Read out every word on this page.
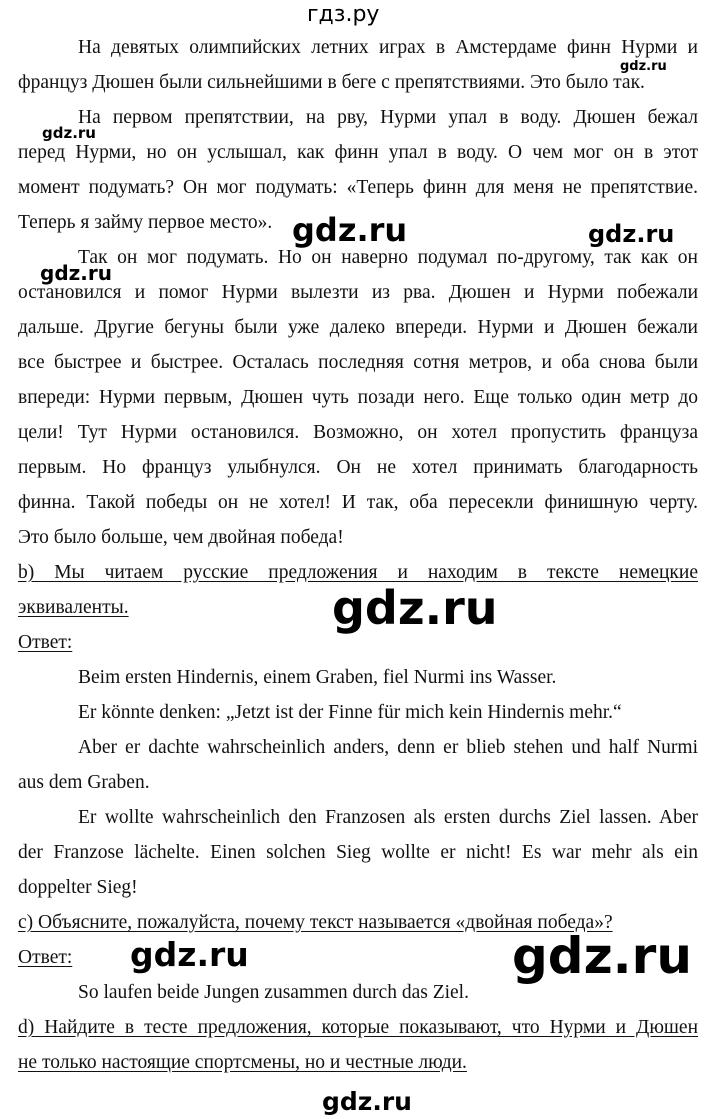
гдз.ру
На девятых олимпийских летних играх в Амстердаме финн Нурми и
француз Дюшен были сильнейшими в беге с препятствиями. Это было так.
На первом препятствии, на рву, Нурми упал в воду. Дюшен бежал
перед Нурми, но он услышал, как финн упал в воду. О чем мог он в этот
момент подумать? Он мог подумать: «Теперь финн для меня не препятствие.
Теперь я займу первое место».
Так он мог подумать. Но он наверно подумал по-другому, так как он
остановился и помог Нурми вылезти из рва. Дюшен и Нурми побежали
дальше. Другие бегуны были уже далеко впереди. Нурми и Дюшен бежали
все быстрее и быстрее. Осталась последняя сотня метров, и оба снова были
впереди: Нурми первым, Дюшен чуть позади него. Еще только один метр до
цели! Тут Нурми остановился. Возможно, он хотел пропустить француза
первым. Но француз улыбнулся. Он не хотел принимать благодарность
финна. Такой победы он не хотел! И так, оба пересекли финишную черту.
Это было больше, чем двойная победа!
b) Мы читаем русские предложения и находим в тексте немецкие
эквиваленты.
Ответ:
Beim ersten Hindernis, einem Graben, fiel Nurmi ins Wasser.
Er könnte denken: „Jetzt ist der Finne für mich kein Hindernis mehr.“
Aber er dachte wahrscheinlich anders, denn er blieb stehen und half Nurmi
aus dem Graben.
Er wollte wahrscheinlich den Franzosen als ersten durchs Ziel lassen. Aber
der Franzose lächelte. Einen solchen Sieg wollte er nicht! Es war mehr als ein
doppelter Sieg!
с) Объясните, пожалуйста, почему текст называется «двойная победа»?
Ответ:
So laufen beide Jungen zusammen durch das Ziel.
d) Найдите в тесте предложения, которые показывают, что Нурми и Дюшен
не только настоящие спортсмены, но и честные люди.
gdz.ru
gdz.ru
gdz.ru	gdz.ru
gdz.ru
gdz.ru
gdz.ru	gdz.ru
gdz.ru
